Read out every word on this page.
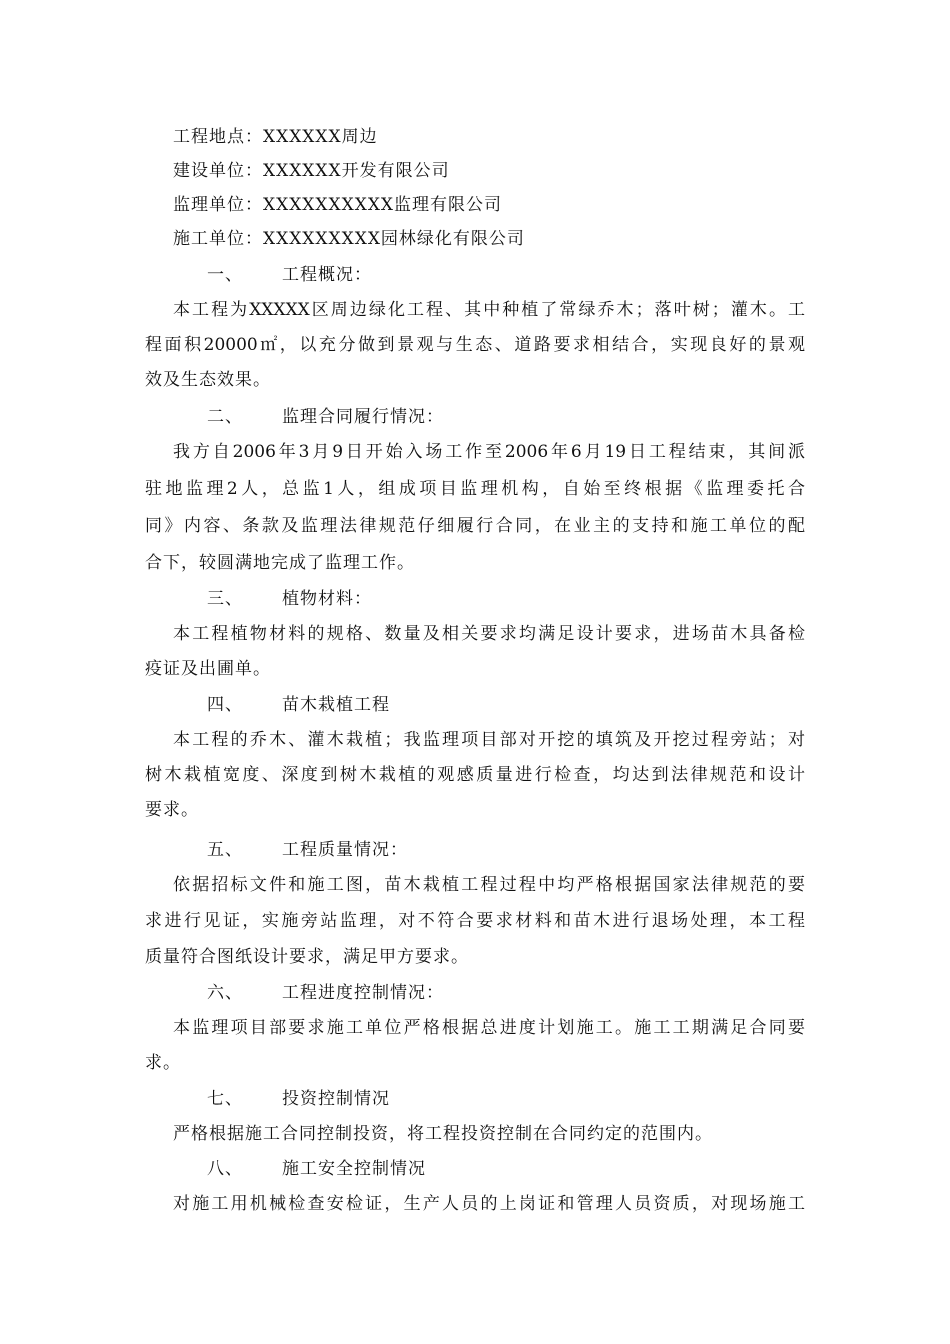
工程地点：XXXXXX周边
建设单位：XXXXXX开发有限公司
监理单位：XXXXXXXXXX监理有限公司
施工单位：XXXXXXXXX园林绿化有限公司
一、 工程概况：
本工程为XXXXX区周边绿化工程、其中种植了常绿乔木；落叶树；灌木。工
程面积20000㎡，以充分做到景观与生态、道路要求相结合，实现良好的景观
效及生态效果。
二、 监理合同履行情况：
我方自2006年3月9日开始入场工作至2006年6月19日工程结束，其间派
驻地监理2人，总监1人，组成项目监理机构，自始至终根据《监理委托合
同》内容、条款及监理法律规范仔细履行合同，在业主的支持和施工单位的配
合下，较圆满地完成了监理工作。
三、 植物材料：
本工程植物材料的规格、数量及相关要求均满足设计要求，进场苗木具备检
疫证及出圃单。
四、 苗木栽植工程
本工程的乔木、灌木栽植；我监理项目部对开挖的填筑及开挖过程旁站；对
树木栽植宽度、深度到树木栽植的观感质量进行检查，均达到法律规范和设计
要求。
五、 工程质量情况：
依据招标文件和施工图，苗木栽植工程过程中均严格根据国家法律规范的要
求进行见证，实施旁站监理，对不符合要求材料和苗木进行退场处理，本工程
质量符合图纸设计要求，满足甲方要求。
六、 工程进度控制情况：
本监理项目部要求施工单位严格根据总进度计划施工。施工工期满足合同要
求。
七、 投资控制情况
严格根据施工合同控制投资，将工程投资控制在合同约定的范围内。
八、 施工安全控制情况
对施工用机械检查安检证，生产人员的上岗证和管理人员资质，对现场施工
